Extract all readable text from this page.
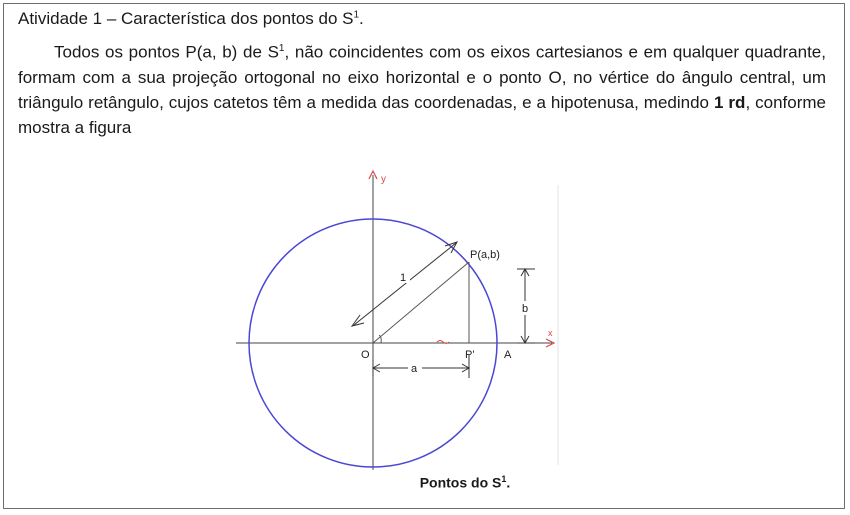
Atividade 1 – Característica dos pontos do $S^1$.
Todos os pontos P(a, b) de $S^1$, não coincidentes com os eixos cartesianos e em qualquer quadrante, formam com a sua projeção ortogonal no eixo horizontal e o ponto O, no vértice do ângulo central, um triângulo retângulo, cujos catetos têm a medida das coordenadas, e a hipotenusa, medindo 1 rd, conforme mostra a figura
y
x
1
b
a
P(a,b)
O	P'	A
Pontos do $S^1$.
